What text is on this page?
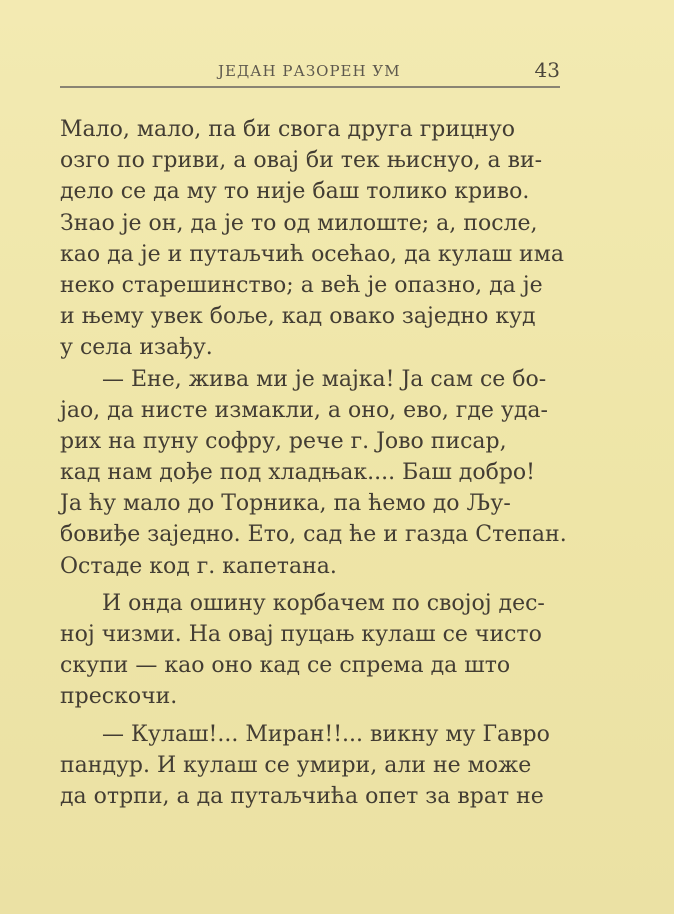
ЈЕДАН РАЗОРЕН УМ	43
Мало, мало, па би свога друга грицнуо
озго по гриви, а овај би тек њиснуо, а ви-
дело се да му то није баш толико криво.
Знао је он, да је то од милоште; а, после,
као да је и путаљчић осећао, да кулаш има
неко старешинство; а већ је опазно, да је
и њему увек боље, кад овако заједно куд
у села изађу.
— Ене, жива ми је мајка! Ја сам се бо-
јао, да нисте измакли, а оно, ево, где уда-
рих на пуну софру, рече г. Јово писар,
кад нам дође под хладњак.... Баш добро!
Ја ћу мало до Торника, па ћемо до Љу-
бовиђе заједно. Ето, сад ће и газда Степан.
Остаде код г. капетана.
И онда ошину корбачем по својој дес-
ној чизми. На овај пуцањ кулаш се чисто
скупи — као оно кад се спрема да што
прескочи.
— Кулаш!... Миран!!... викну му Гавро
пандур. И кулаш се умири, али не може
да отрпи, а да путаљчића опет за врат не
